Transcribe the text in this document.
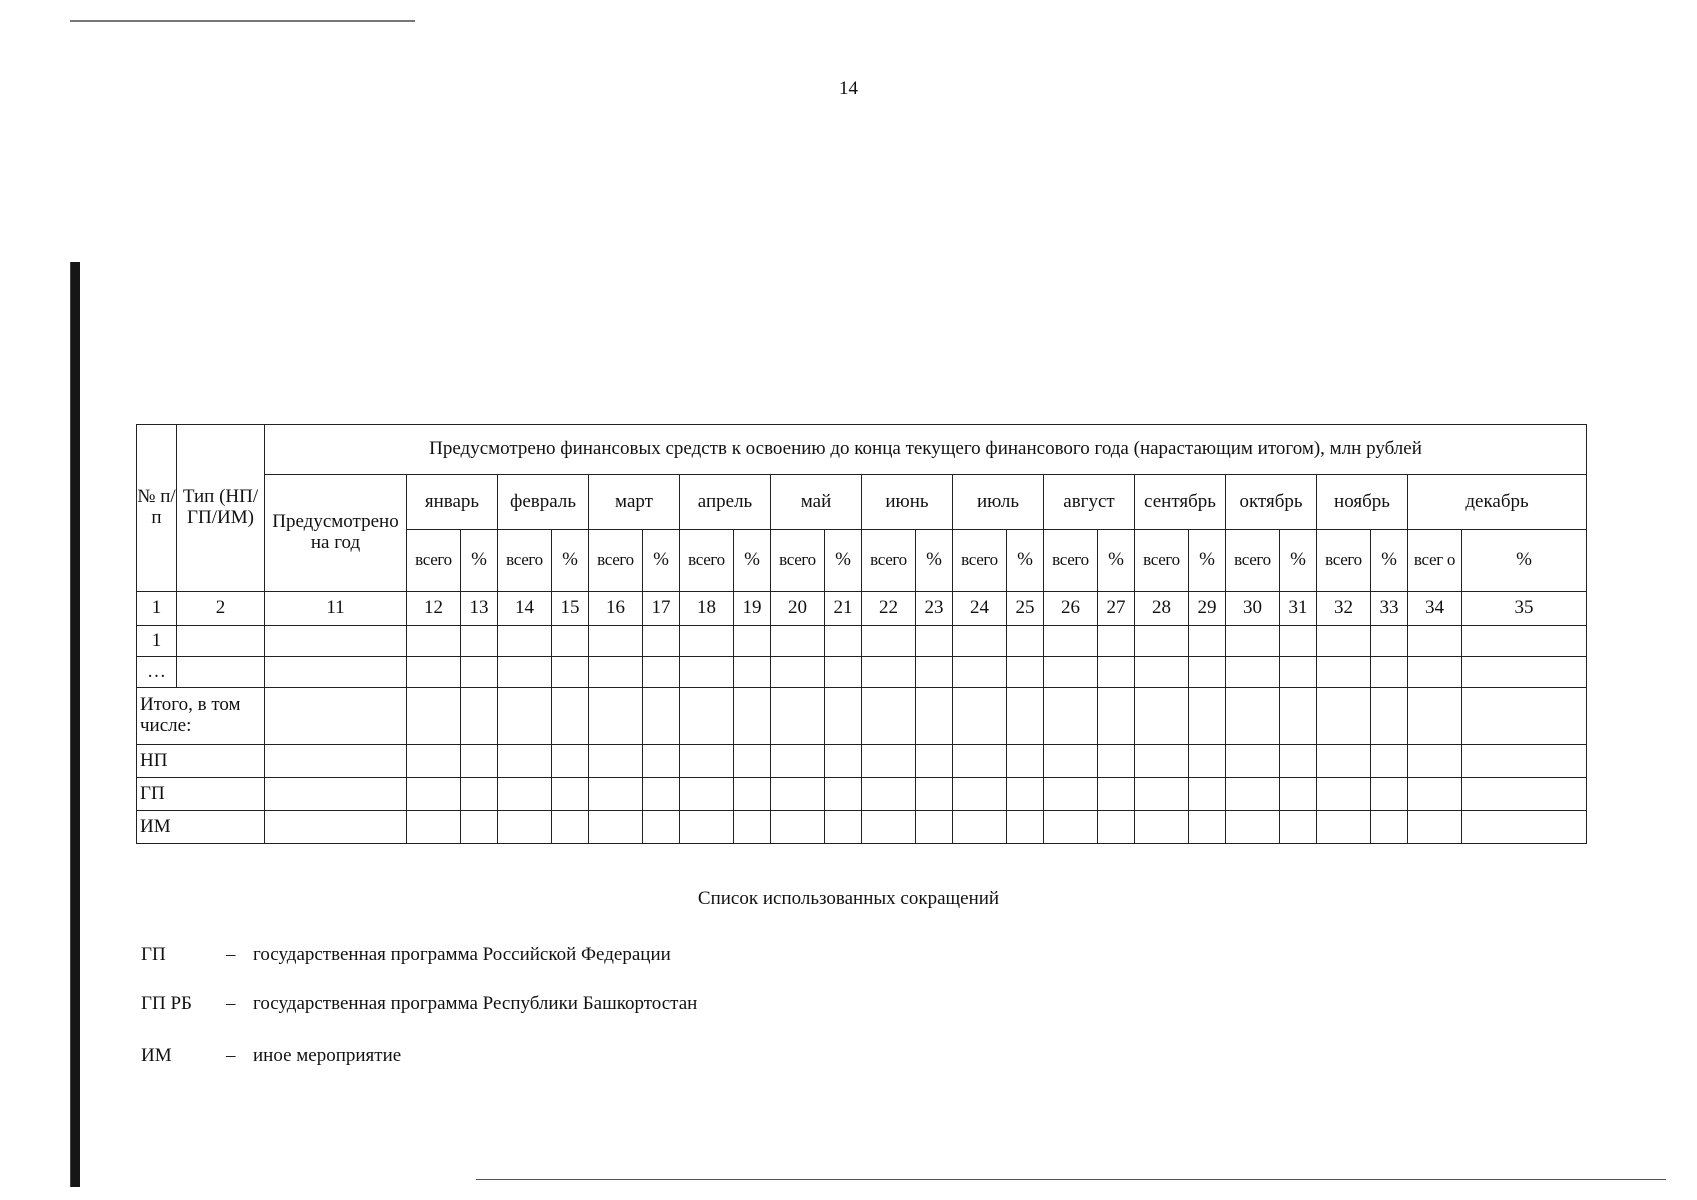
14
№ п/п	Тип (НП/ГП/ИМ)	Предусмотрено финансовых средств к освоению до конца текущего финансового года (нарастающим итогом), млн рублей																								
		Предусмотрено на год	январь		февраль		март		апрель		май		июнь		июль		август		сентябрь		октябрь		ноябрь		декабрь	
			всего	%	всего	%	всего	%	всего	%	всего	%	всего	%	всего	%	всего	%	всего	%	всего	%	всего	%	всег о	%
1	2	11	12	13	14	15	16	17	18	19	20	21	22	23	24	25	26	27	28	29	30	31	32	33	34	35
1																										
…																										
Итого, в том числе:																										
НП																										
ГП																										
ИМ																										
Список использованных сокращений
ГП	– государственная программа Российской Федерации
ГП РБ	– государственная программа Республики Башкортостан
ИМ	– иное мероприятие
